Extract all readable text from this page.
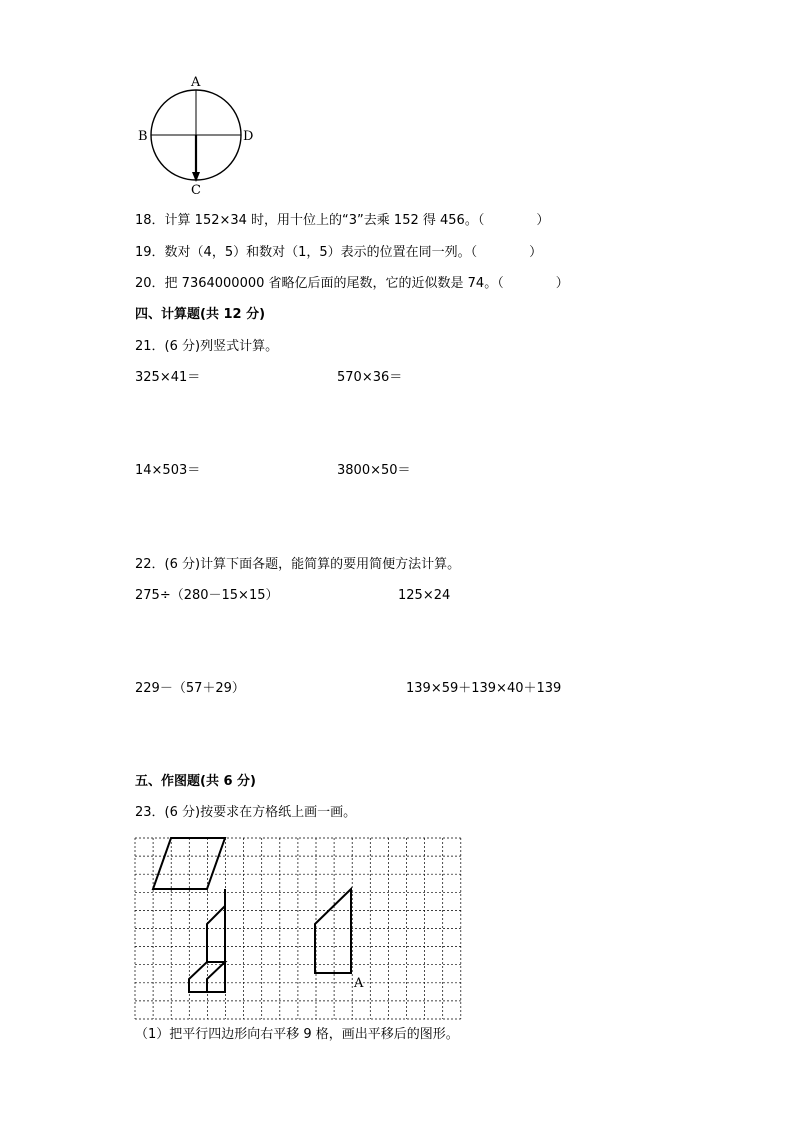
A
B
C
D
18．计算 152×34 时，用十位上的“3”去乘 152 得 456。（　　　　）
19．数对（4，5）和数对（1，5）表示的位置在同一列。（　　　　）
20．把 7364000000 省略亿后面的尾数，它的近似数是 74。（　　　　）
四、计算题(共 12 分)
21．(6 分)列竖式计算。
325×41＝	570×36＝
14×503＝	3800×50＝
22．(6 分)计算下面各题，能简算的要用简便方法计算。
275÷（280－15×15）	125×24
229－（57＋29）	139×59＋139×40＋139
五、作图题(共 6 分)
23．(6 分)按要求在方格纸上画一画。
A
（1）把平行四边形向右平移 9 格，画出平移后的图形。
